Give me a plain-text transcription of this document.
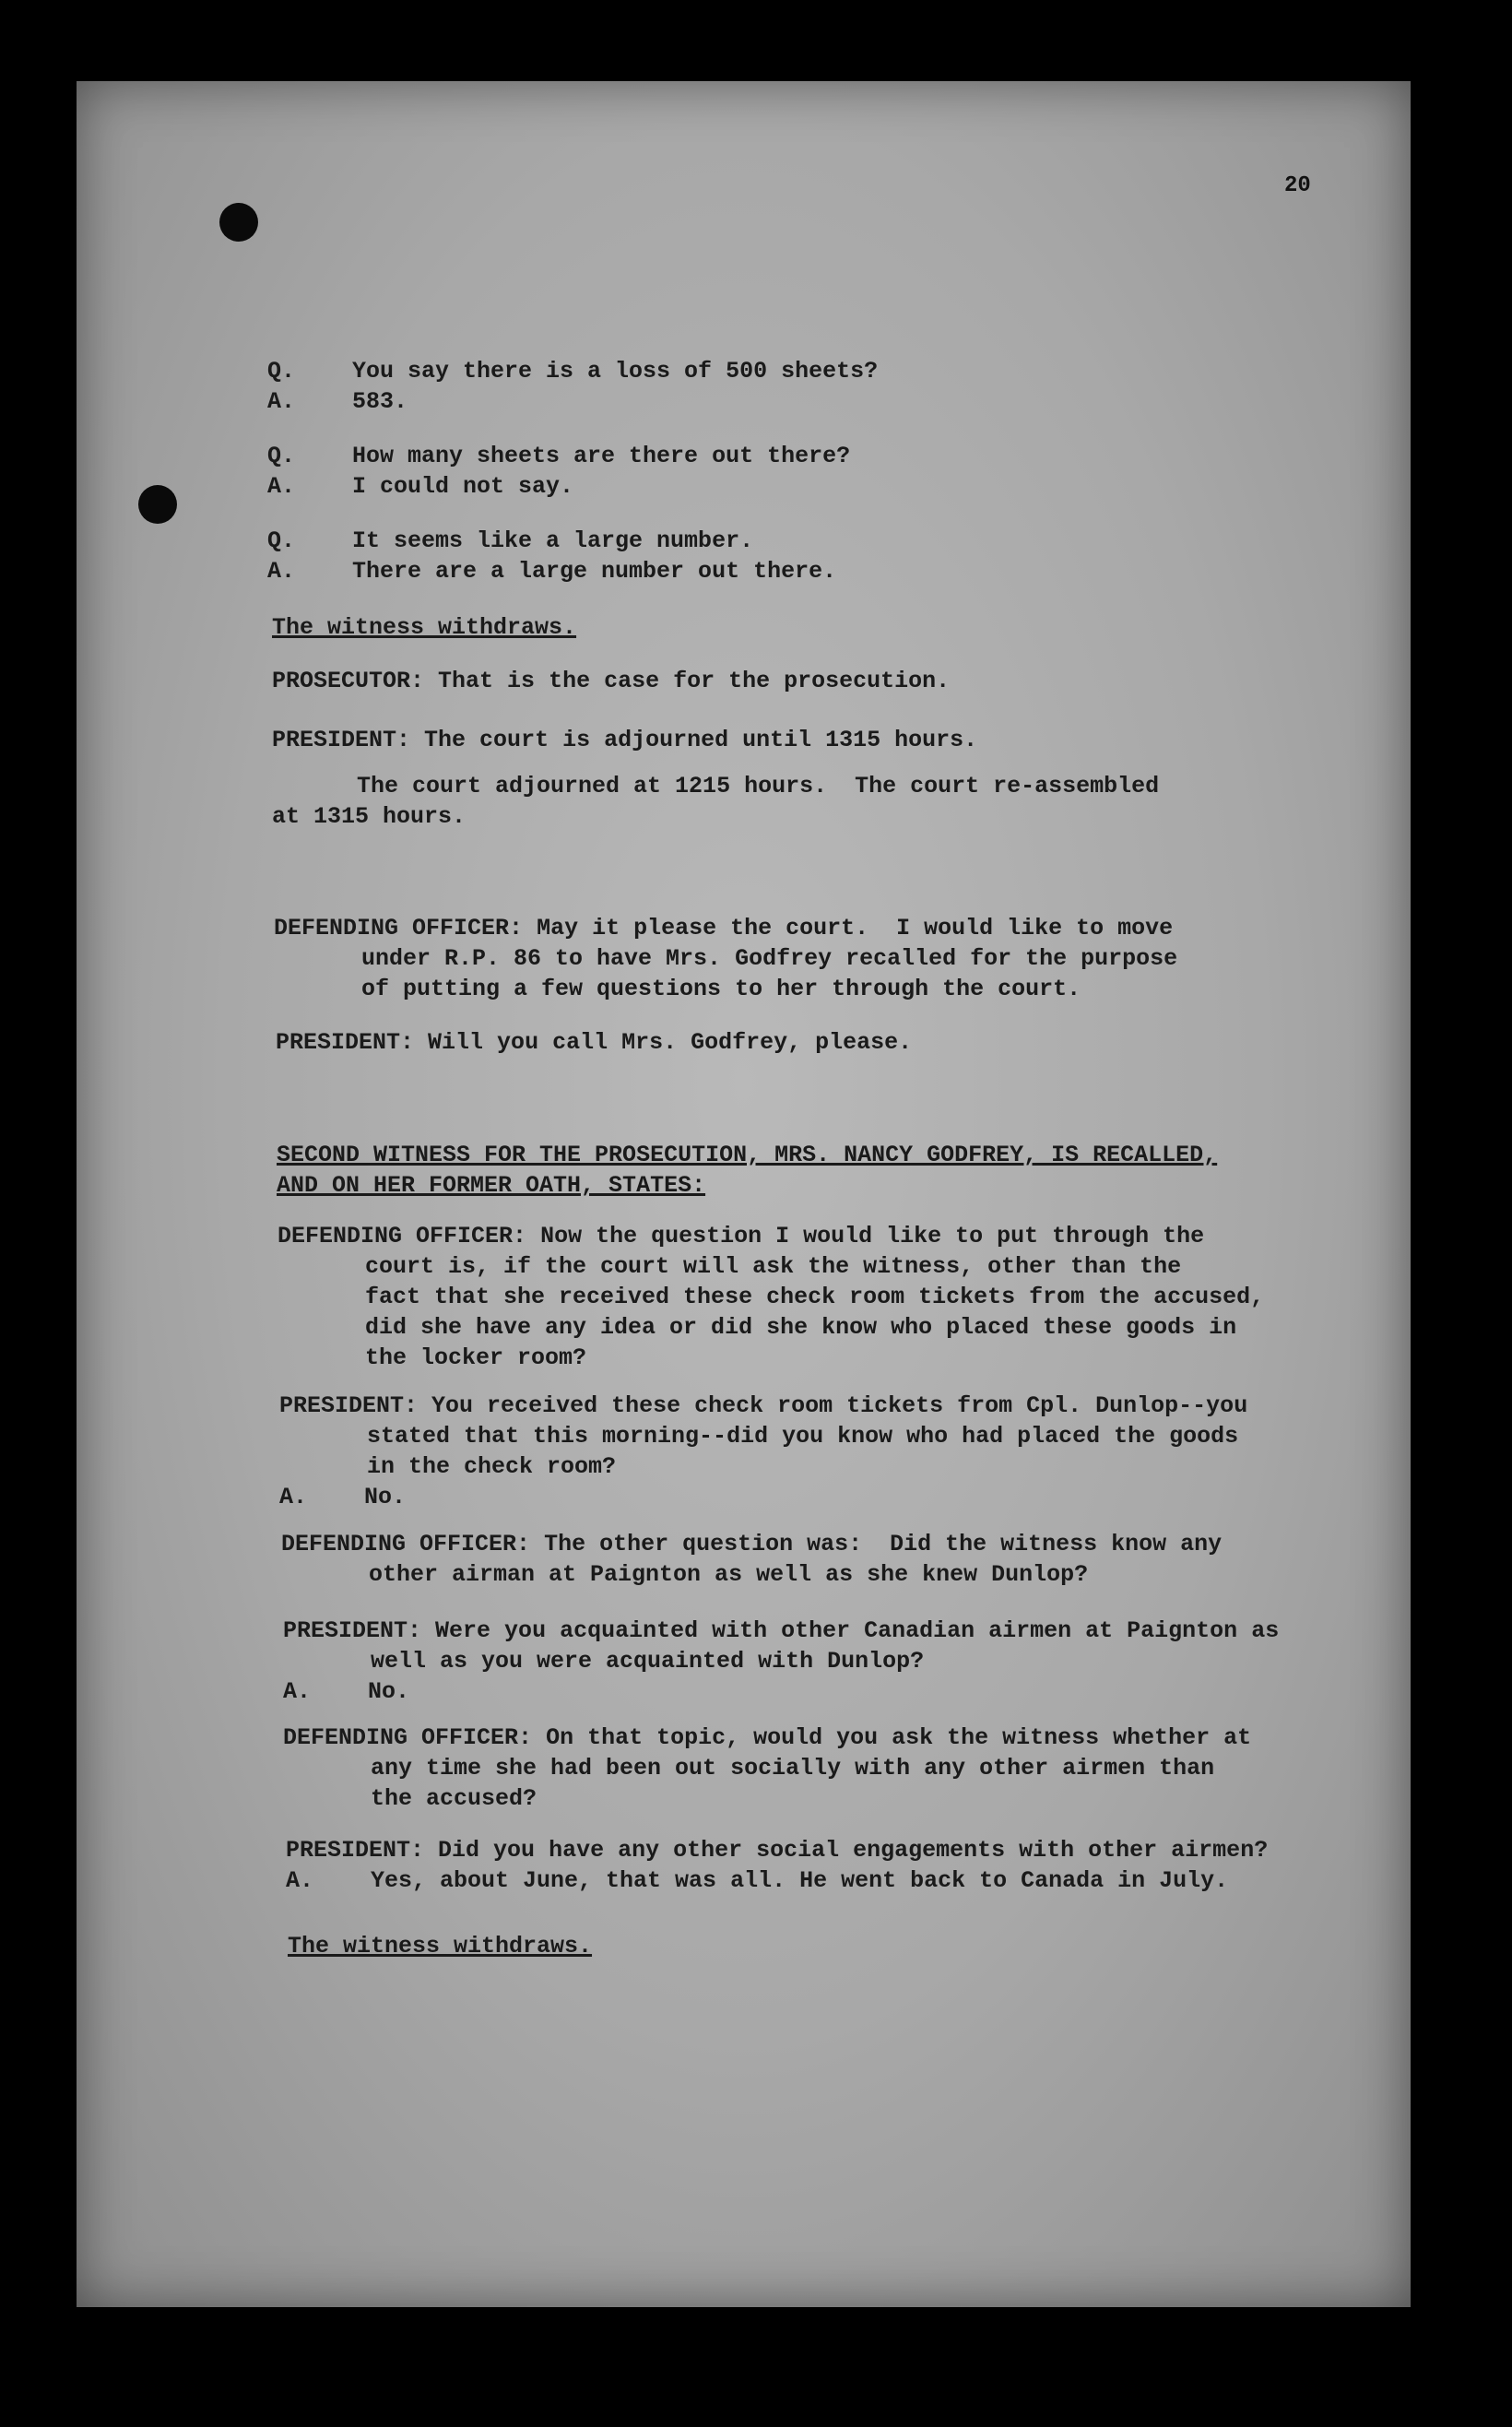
20
Q.	You say there is a loss of 500 sheets?
A.	583.
Q.	How many sheets are there out there?
A.	I could not say.
Q.	It seems like a large number.
A.	There are a large number out there.
The witness withdraws.
PROSECUTOR: That is the case for the prosecution.
PRESIDENT: The court is adjourned until 1315 hours.
The court adjourned at 1215 hours.  The court re-assembled
at 1315 hours.
DEFENDING OFFICER: May it please the court.  I would like to move
under R.P. 86 to have Mrs. Godfrey recalled for the purpose
of putting a few questions to her through the court.
PRESIDENT: Will you call Mrs. Godfrey, please.
SECOND WITNESS FOR THE PROSECUTION, MRS. NANCY GODFREY, IS RECALLED,
AND ON HER FORMER OATH, STATES:
DEFENDING OFFICER: Now the question I would like to put through the
court is, if the court will ask the witness, other than the
fact that she received these check room tickets from the accused,
did she have any idea or did she know who placed these goods in
the locker room?
PRESIDENT: You received these check room tickets from Cpl. Dunlop--you
stated that this morning--did you know who had placed the goods
in the check room?
A.	No.
DEFENDING OFFICER: The other question was:  Did the witness know any
other airman at Paignton as well as she knew Dunlop?
PRESIDENT: Were you acquainted with other Canadian airmen at Paignton as
well as you were acquainted with Dunlop?
A.	No.
DEFENDING OFFICER: On that topic, would you ask the witness whether at
any time she had been out socially with any other airmen than
the accused?
PRESIDENT: Did you have any other social engagements with other airmen?
A.	Yes, about June, that was all. He went back to Canada in July.
The witness withdraws.
